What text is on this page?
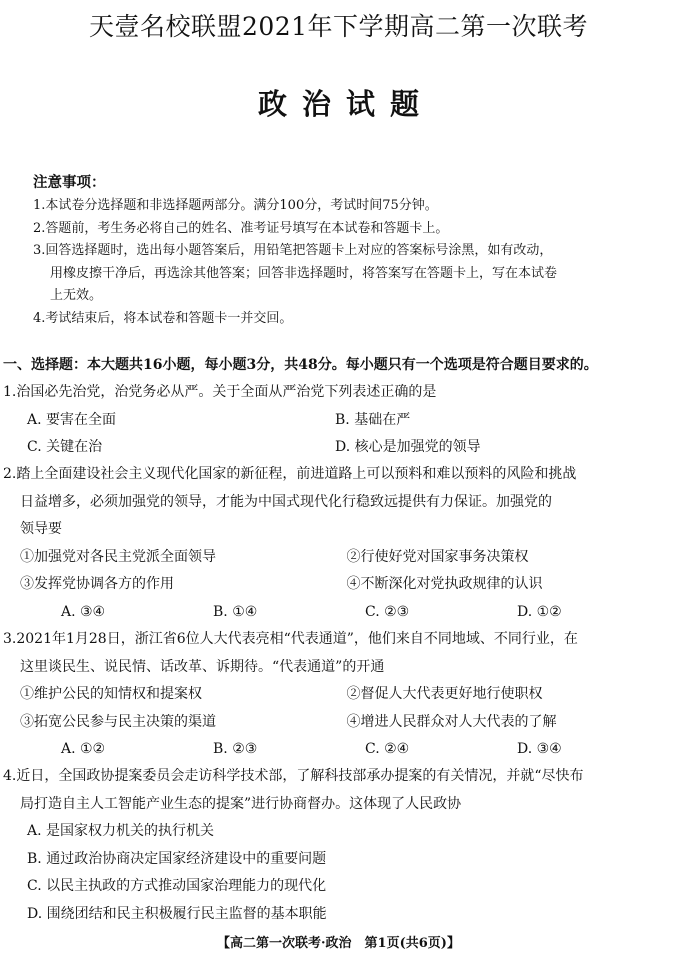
天壹名校联盟2021年下学期高二第一次联考
政治试题
注意事项：
1.本试卷分选择题和非选择题两部分。满分100分，考试时间75分钟。
2.答题前，考生务必将自己的姓名、准考证号填写在本试卷和答题卡上。
3.回答选择题时，选出每小题答案后，用铅笔把答题卡上对应的答案标号涂黑，如有改动，
用橡皮擦干净后，再选涂其他答案；回答非选择题时，将答案写在答题卡上，写在本试卷
上无效。
4.考试结束后，将本试卷和答题卡一并交回。
一、选择题：本大题共16小题，每小题3分，共48分。每小题只有一个选项是符合题目要求的。
1.治国必先治党，治党务必从严。关于全面从严治党下列表述正确的是
A. 要害在全面	B. 基础在严
C. 关键在治	D. 核心是加强党的领导
2.踏上全面建设社会主义现代化国家的新征程，前进道路上可以预料和难以预料的风险和挑战
日益增多，必须加强党的领导，才能为中国式现代化行稳致远提供有力保证。加强党的
领导要
①加强党对各民主党派全面领导	②行使好党对国家事务决策权
③发挥党协调各方的作用	④不断深化对党执政规律的认识
A. ③④	B. ①④	C. ②③	D. ①②
3.2021年1月28日，浙江省6位人大代表亮相“代表通道”，他们来自不同地域、不同行业，在
这里谈民生、说民情、话改革、诉期待。“代表通道”的开通
①维护公民的知情权和提案权	②督促人大代表更好地行使职权
③拓宽公民参与民主决策的渠道	④增进人民群众对人大代表的了解
A. ①②	B. ②③	C. ②④	D. ③④
4.近日，全国政协提案委员会走访科学技术部，了解科技部承办提案的有关情况，并就“尽快布
局打造自主人工智能产业生态的提案”进行协商督办。这体现了人民政协
A. 是国家权力机关的执行机关
B. 通过政治协商决定国家经济建设中的重要问题
C. 以民主执政的方式推动国家治理能力的现代化
D. 围绕团结和民主积极履行民主监督的基本职能
【高二第一次联考·政治　第1页(共6页)】
